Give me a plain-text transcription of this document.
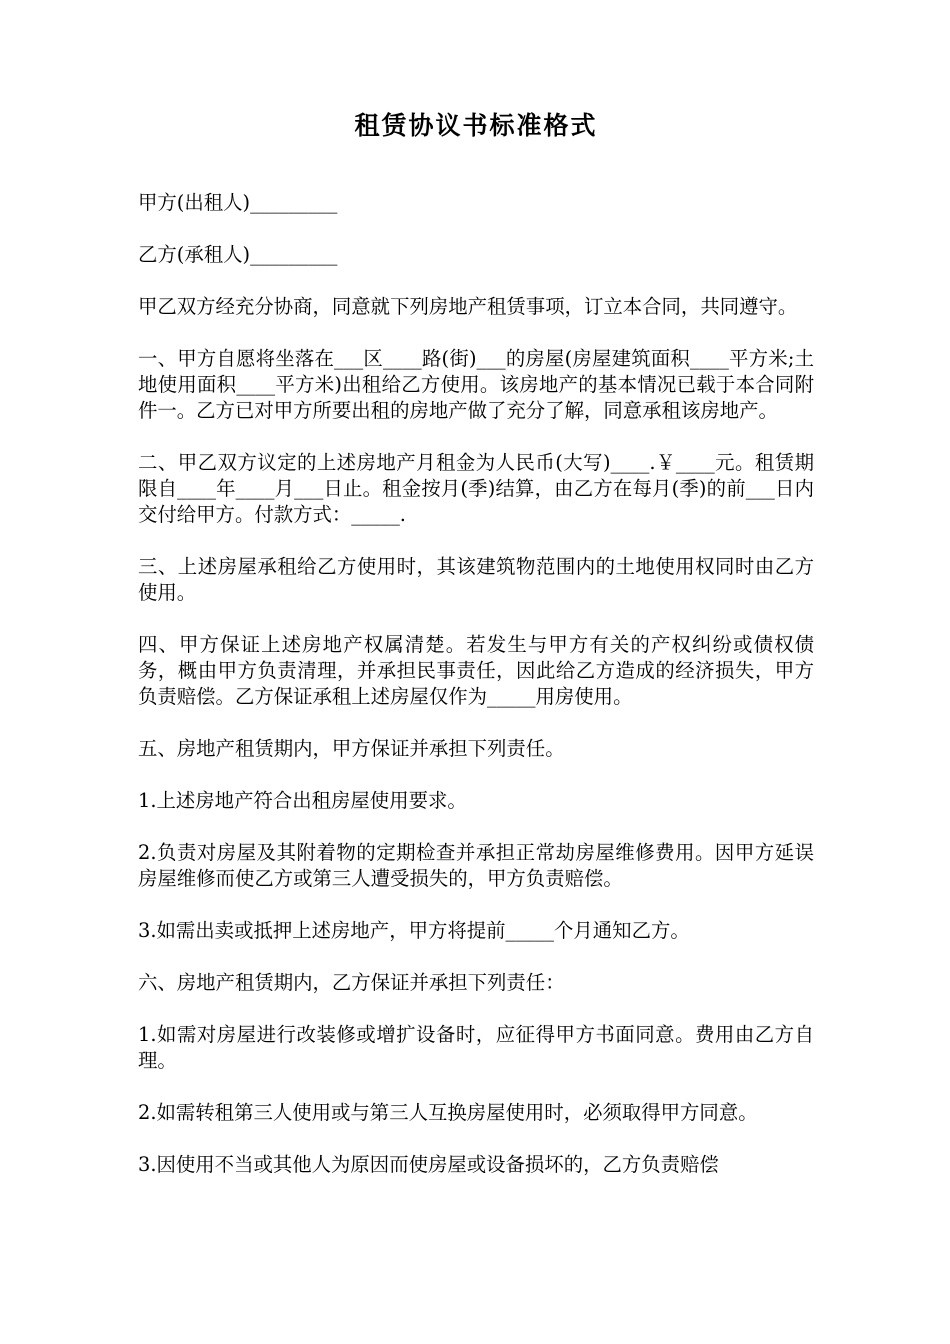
租赁协议书标准格式

甲方(出租人)_________

乙方(承租人)_________

甲乙双方经充分协商，同意就下列房地产租赁事项，订立本合同，共同遵守。

一、甲方自愿将坐落在___区____路(街)___的房屋(房屋建筑面积____平方米;土地使用面积____平方米)出租给乙方使用。该房地产的基本情况已载于本合同附件一。乙方已对甲方所要出租的房地产做了充分了解，同意承租该房地产。

二、甲乙双方议定的上述房地产月租金为人民币(大写)____.￥____元。租赁期限自____年____月___日止。租金按月(季)结算，由乙方在每月(季)的前___日内交付给甲方。付款方式：_____.

三、上述房屋承租给乙方使用时，其该建筑物范围内的土地使用权同时由乙方使用。

四、甲方保证上述房地产权属清楚。若发生与甲方有关的产权纠纷或债权债务，概由甲方负责清理，并承担民事责任，因此给乙方造成的经济损失，甲方负责赔偿。乙方保证承租上述房屋仅作为_____用房使用。

五、房地产租赁期内，甲方保证并承担下列责任。

1.上述房地产符合出租房屋使用要求。

2.负责对房屋及其附着物的定期检查并承担正常劫房屋维修费用。因甲方延误房屋维修而使乙方或第三人遭受损失的，甲方负责赔偿。

3.如需出卖或抵押上述房地产，甲方将提前_____个月通知乙方。

六、房地产租赁期内，乙方保证并承担下列责任：

1.如需对房屋进行改装修或增扩设备时，应征得甲方书面同意。费用由乙方自理。

2.如需转租第三人使用或与第三人互换房屋使用时，必须取得甲方同意。

3.因使用不当或其他人为原因而使房屋或设备损坏的，乙方负责赔偿
